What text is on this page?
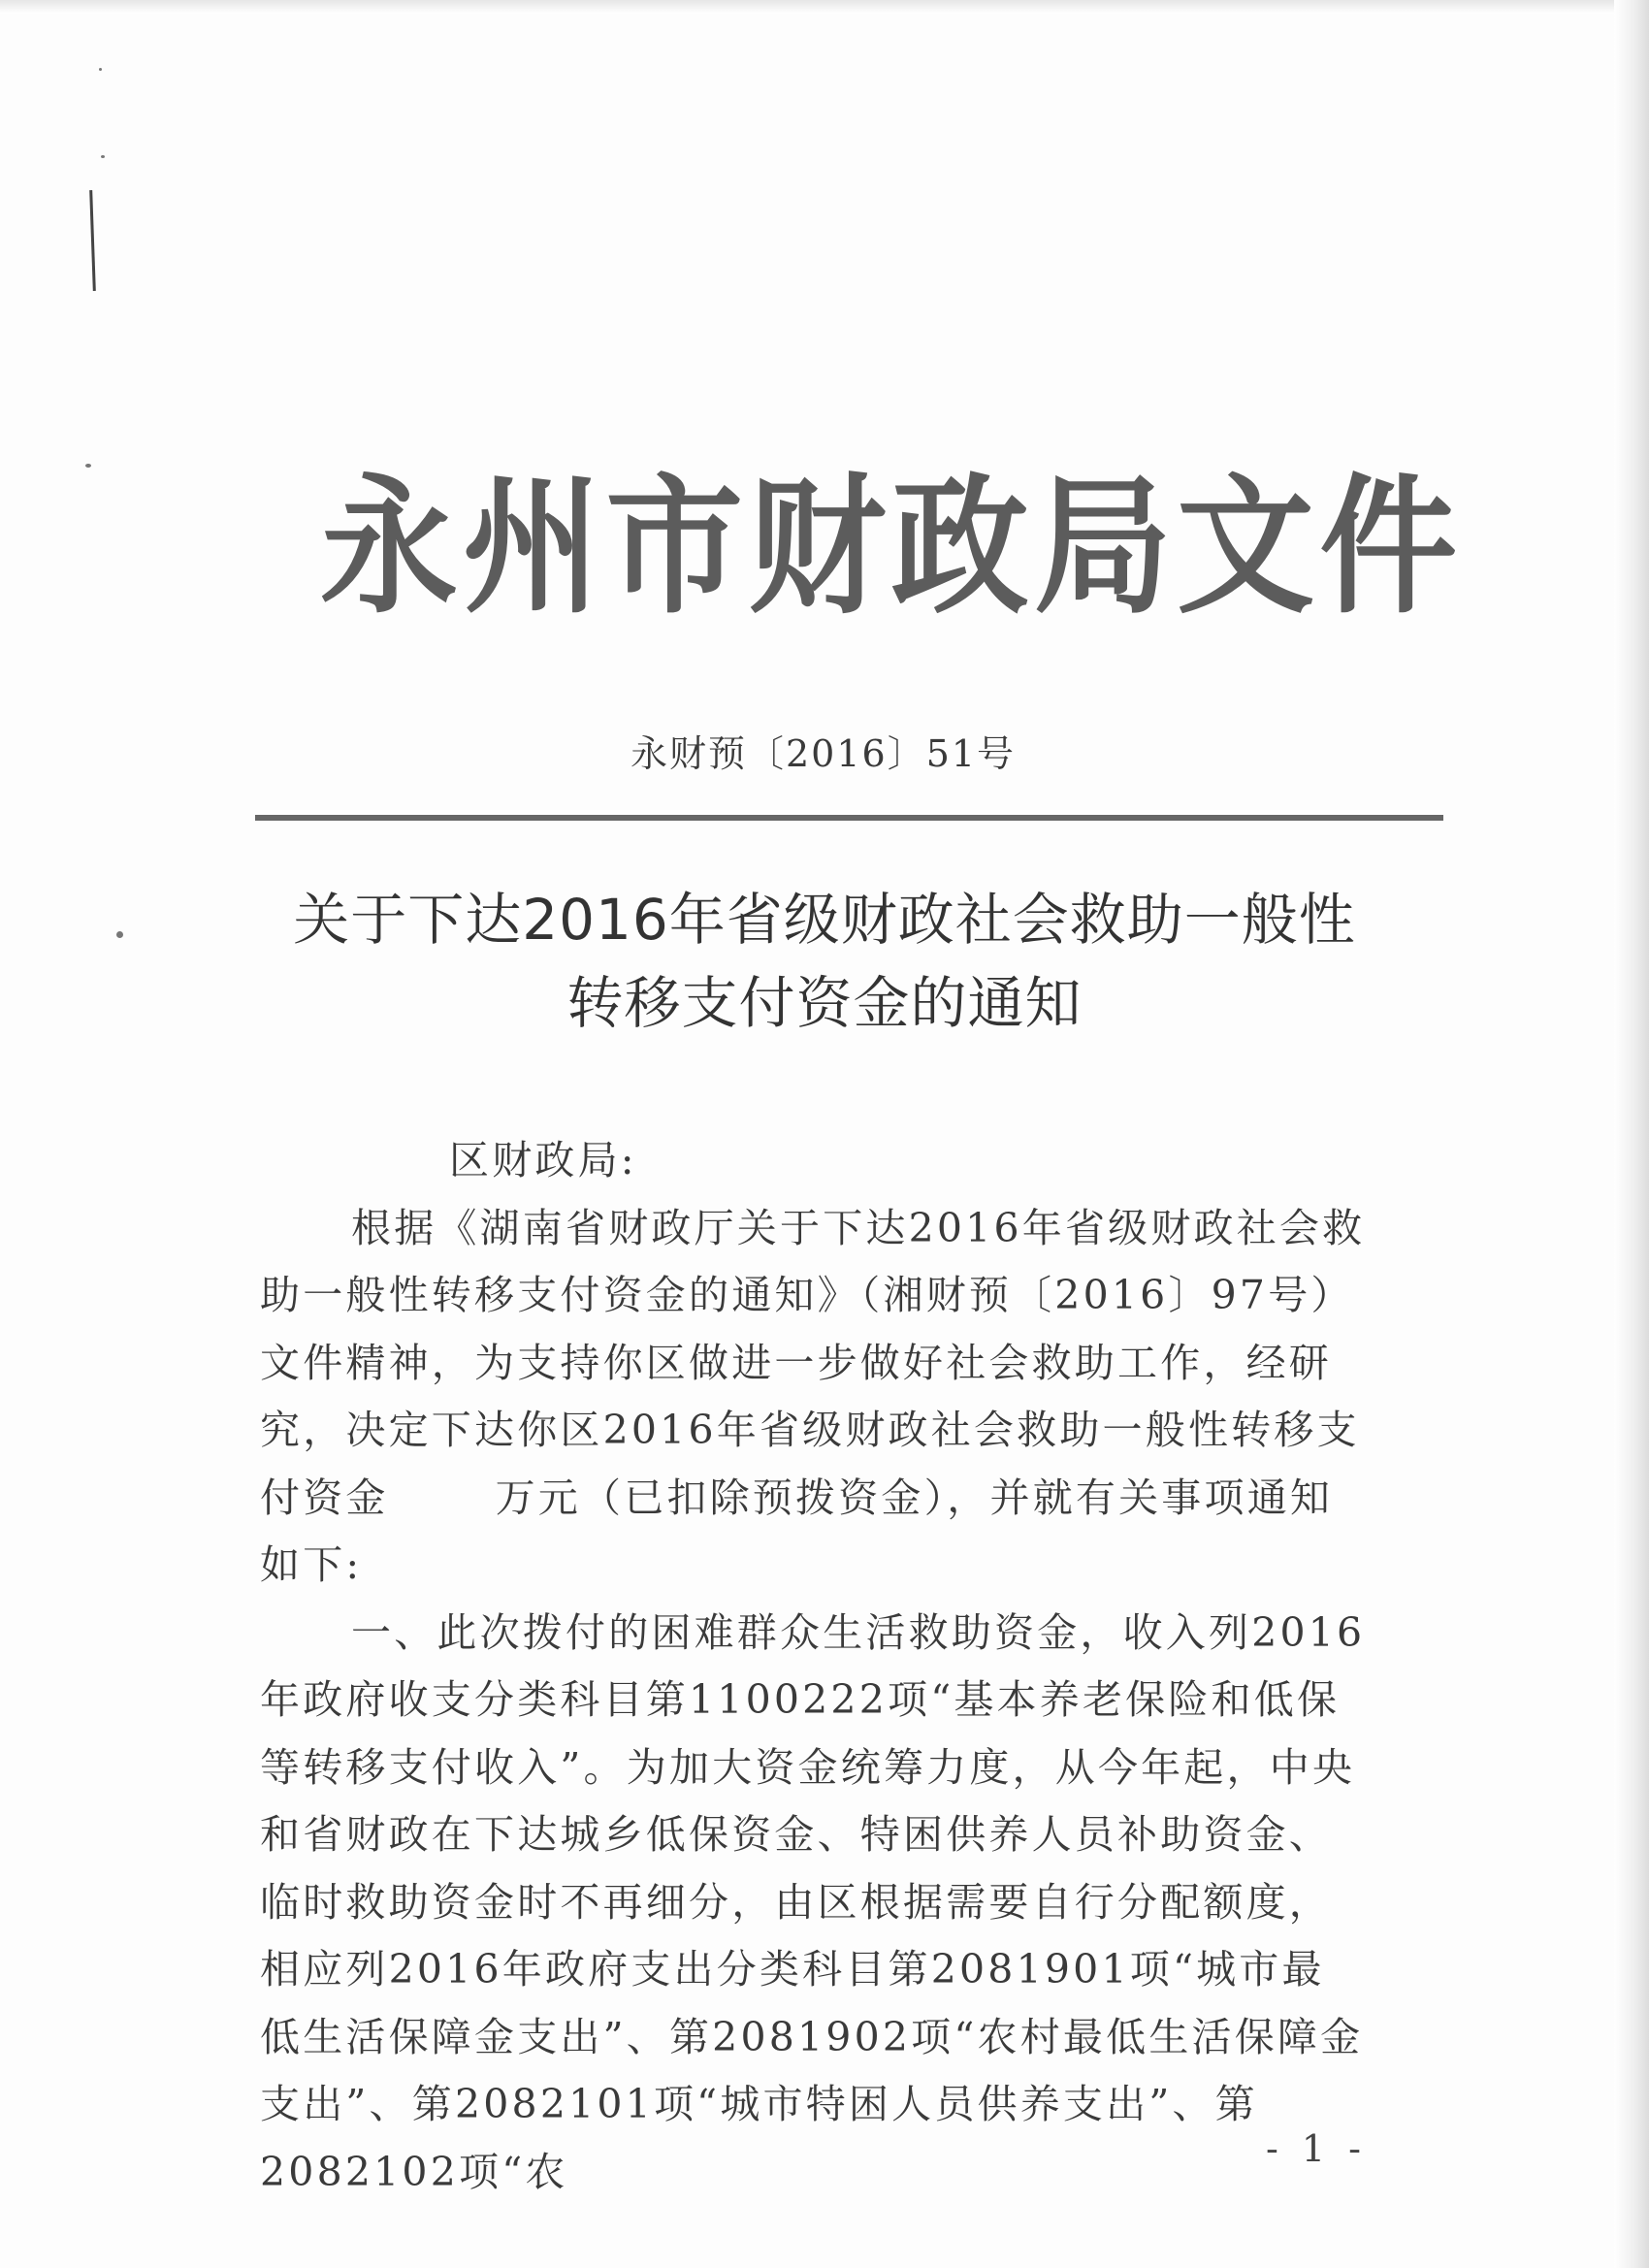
永州市财政局文件
永财预〔2016〕51号
关于下达2016年省级财政社会救助一般性
转移支付资金的通知

区财政局:

根据《湖南省财政厅关于下达2016年省级财政社会救助一般性转移支付资金的通知》（湘财预〔2016〕97号）文件精神，为支持你区做进一步做好社会救助工作，经研究，决定下达你区2016年省级财政社会救助一般性转移支付资金	万元（已扣除预拨资金），并就有关事项通知如下:

一、此次拨付的困难群众生活救助资金，收入列2016年政府收支分类科目第1100222项“基本养老保险和低保等转移支付收入”。为加大资金统筹力度，从今年起，中央和省财政在下达城乡低保资金、特困供养人员补助资金、临时救助资金时不再细分，由区根据需要自行分配额度，相应列2016年政府支出分类科目第2081901项“城市最低生活保障金支出”、第2081902项“农村最低生活保障金支出”、第2082101项“城市特困人员供养支出”、第2082102项“农	- 1 -
